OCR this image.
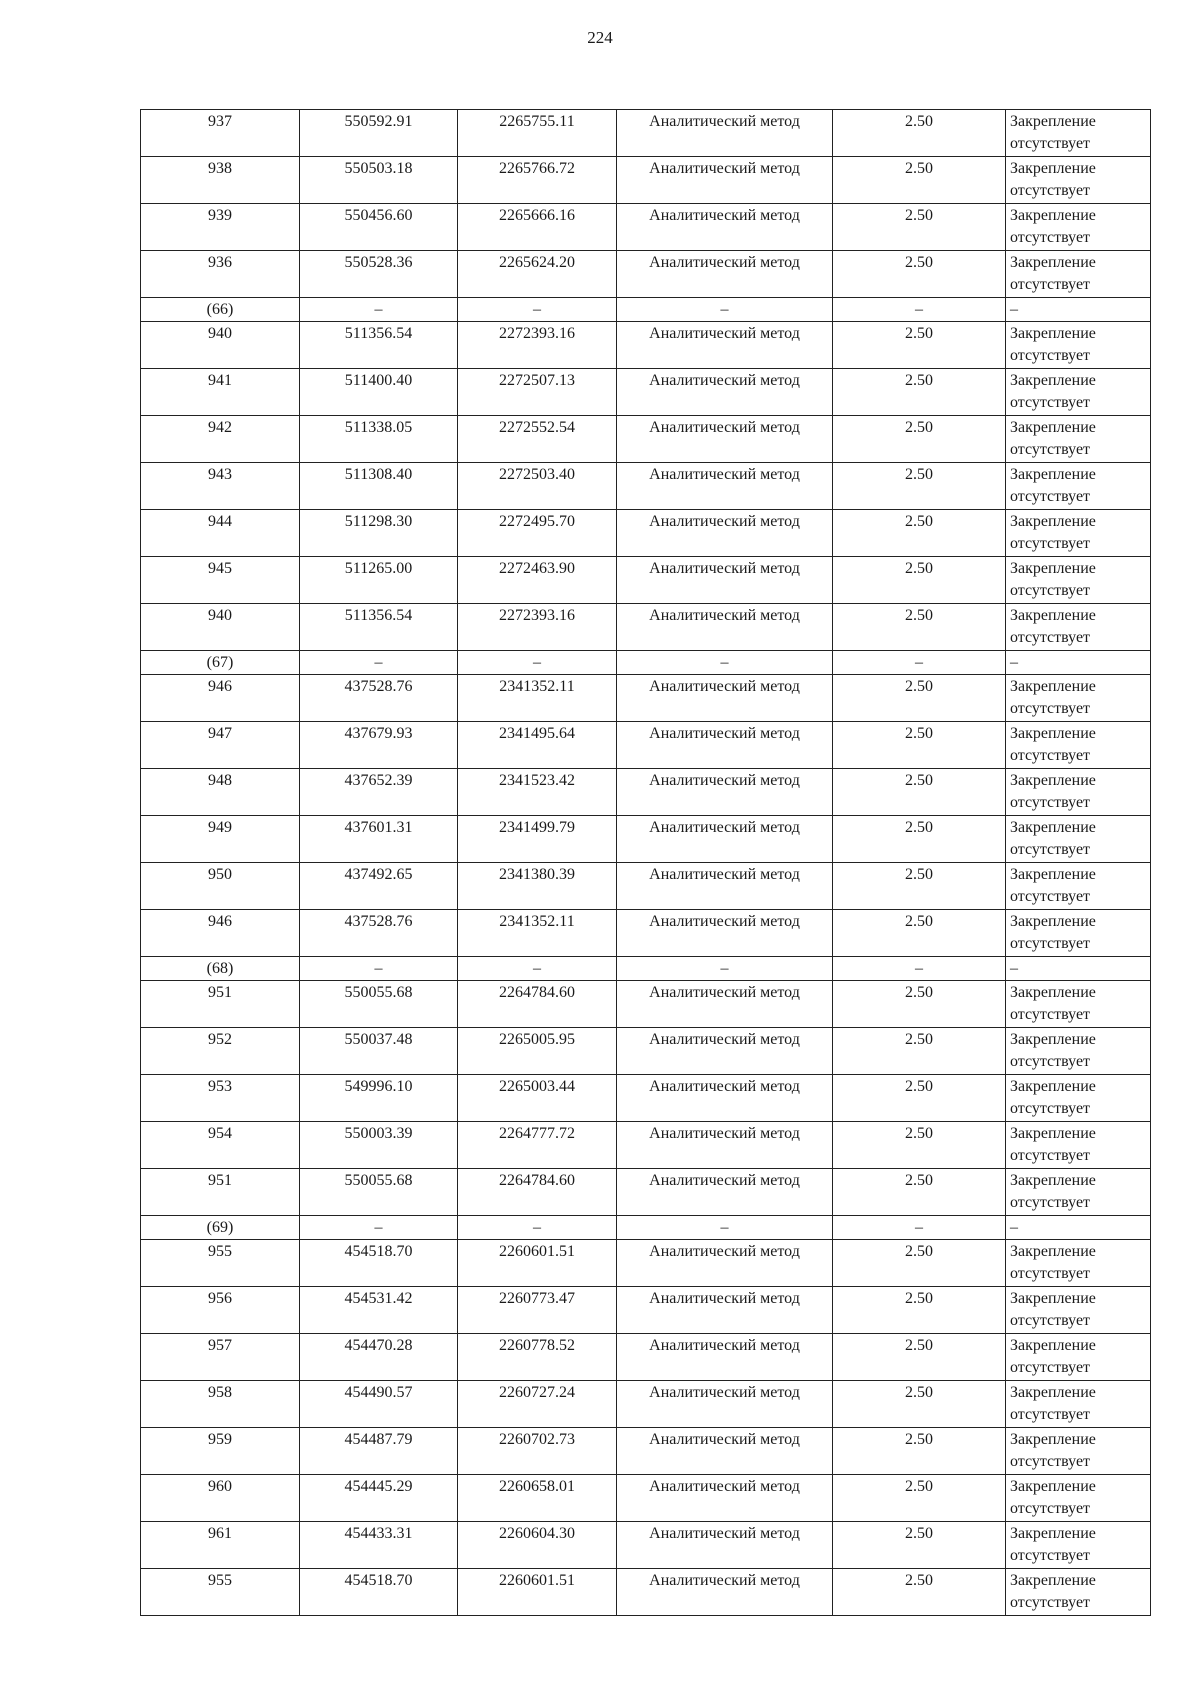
224
937	550592.91	2265755.11	Аналитический метод	2.50	Закрепление отсутствует
938	550503.18	2265766.72	Аналитический метод	2.50	Закрепление отсутствует
939	550456.60	2265666.16	Аналитический метод	2.50	Закрепление отсутствует
936	550528.36	2265624.20	Аналитический метод	2.50	Закрепление отсутствует
(66)	–	–	–	–	–
940	511356.54	2272393.16	Аналитический метод	2.50	Закрепление отсутствует
941	511400.40	2272507.13	Аналитический метод	2.50	Закрепление отсутствует
942	511338.05	2272552.54	Аналитический метод	2.50	Закрепление отсутствует
943	511308.40	2272503.40	Аналитический метод	2.50	Закрепление отсутствует
944	511298.30	2272495.70	Аналитический метод	2.50	Закрепление отсутствует
945	511265.00	2272463.90	Аналитический метод	2.50	Закрепление отсутствует
940	511356.54	2272393.16	Аналитический метод	2.50	Закрепление отсутствует
(67)	–	–	–	–	–
946	437528.76	2341352.11	Аналитический метод	2.50	Закрепление отсутствует
947	437679.93	2341495.64	Аналитический метод	2.50	Закрепление отсутствует
948	437652.39	2341523.42	Аналитический метод	2.50	Закрепление отсутствует
949	437601.31	2341499.79	Аналитический метод	2.50	Закрепление отсутствует
950	437492.65	2341380.39	Аналитический метод	2.50	Закрепление отсутствует
946	437528.76	2341352.11	Аналитический метод	2.50	Закрепление отсутствует
(68)	–	–	–	–	–
951	550055.68	2264784.60	Аналитический метод	2.50	Закрепление отсутствует
952	550037.48	2265005.95	Аналитический метод	2.50	Закрепление отсутствует
953	549996.10	2265003.44	Аналитический метод	2.50	Закрепление отсутствует
954	550003.39	2264777.72	Аналитический метод	2.50	Закрепление отсутствует
951	550055.68	2264784.60	Аналитический метод	2.50	Закрепление отсутствует
(69)	–	–	–	–	–
955	454518.70	2260601.51	Аналитический метод	2.50	Закрепление отсутствует
956	454531.42	2260773.47	Аналитический метод	2.50	Закрепление отсутствует
957	454470.28	2260778.52	Аналитический метод	2.50	Закрепление отсутствует
958	454490.57	2260727.24	Аналитический метод	2.50	Закрепление отсутствует
959	454487.79	2260702.73	Аналитический метод	2.50	Закрепление отсутствует
960	454445.29	2260658.01	Аналитический метод	2.50	Закрепление отсутствует
961	454433.31	2260604.30	Аналитический метод	2.50	Закрепление отсутствует
955	454518.70	2260601.51	Аналитический метод	2.50	Закрепление отсутствует
